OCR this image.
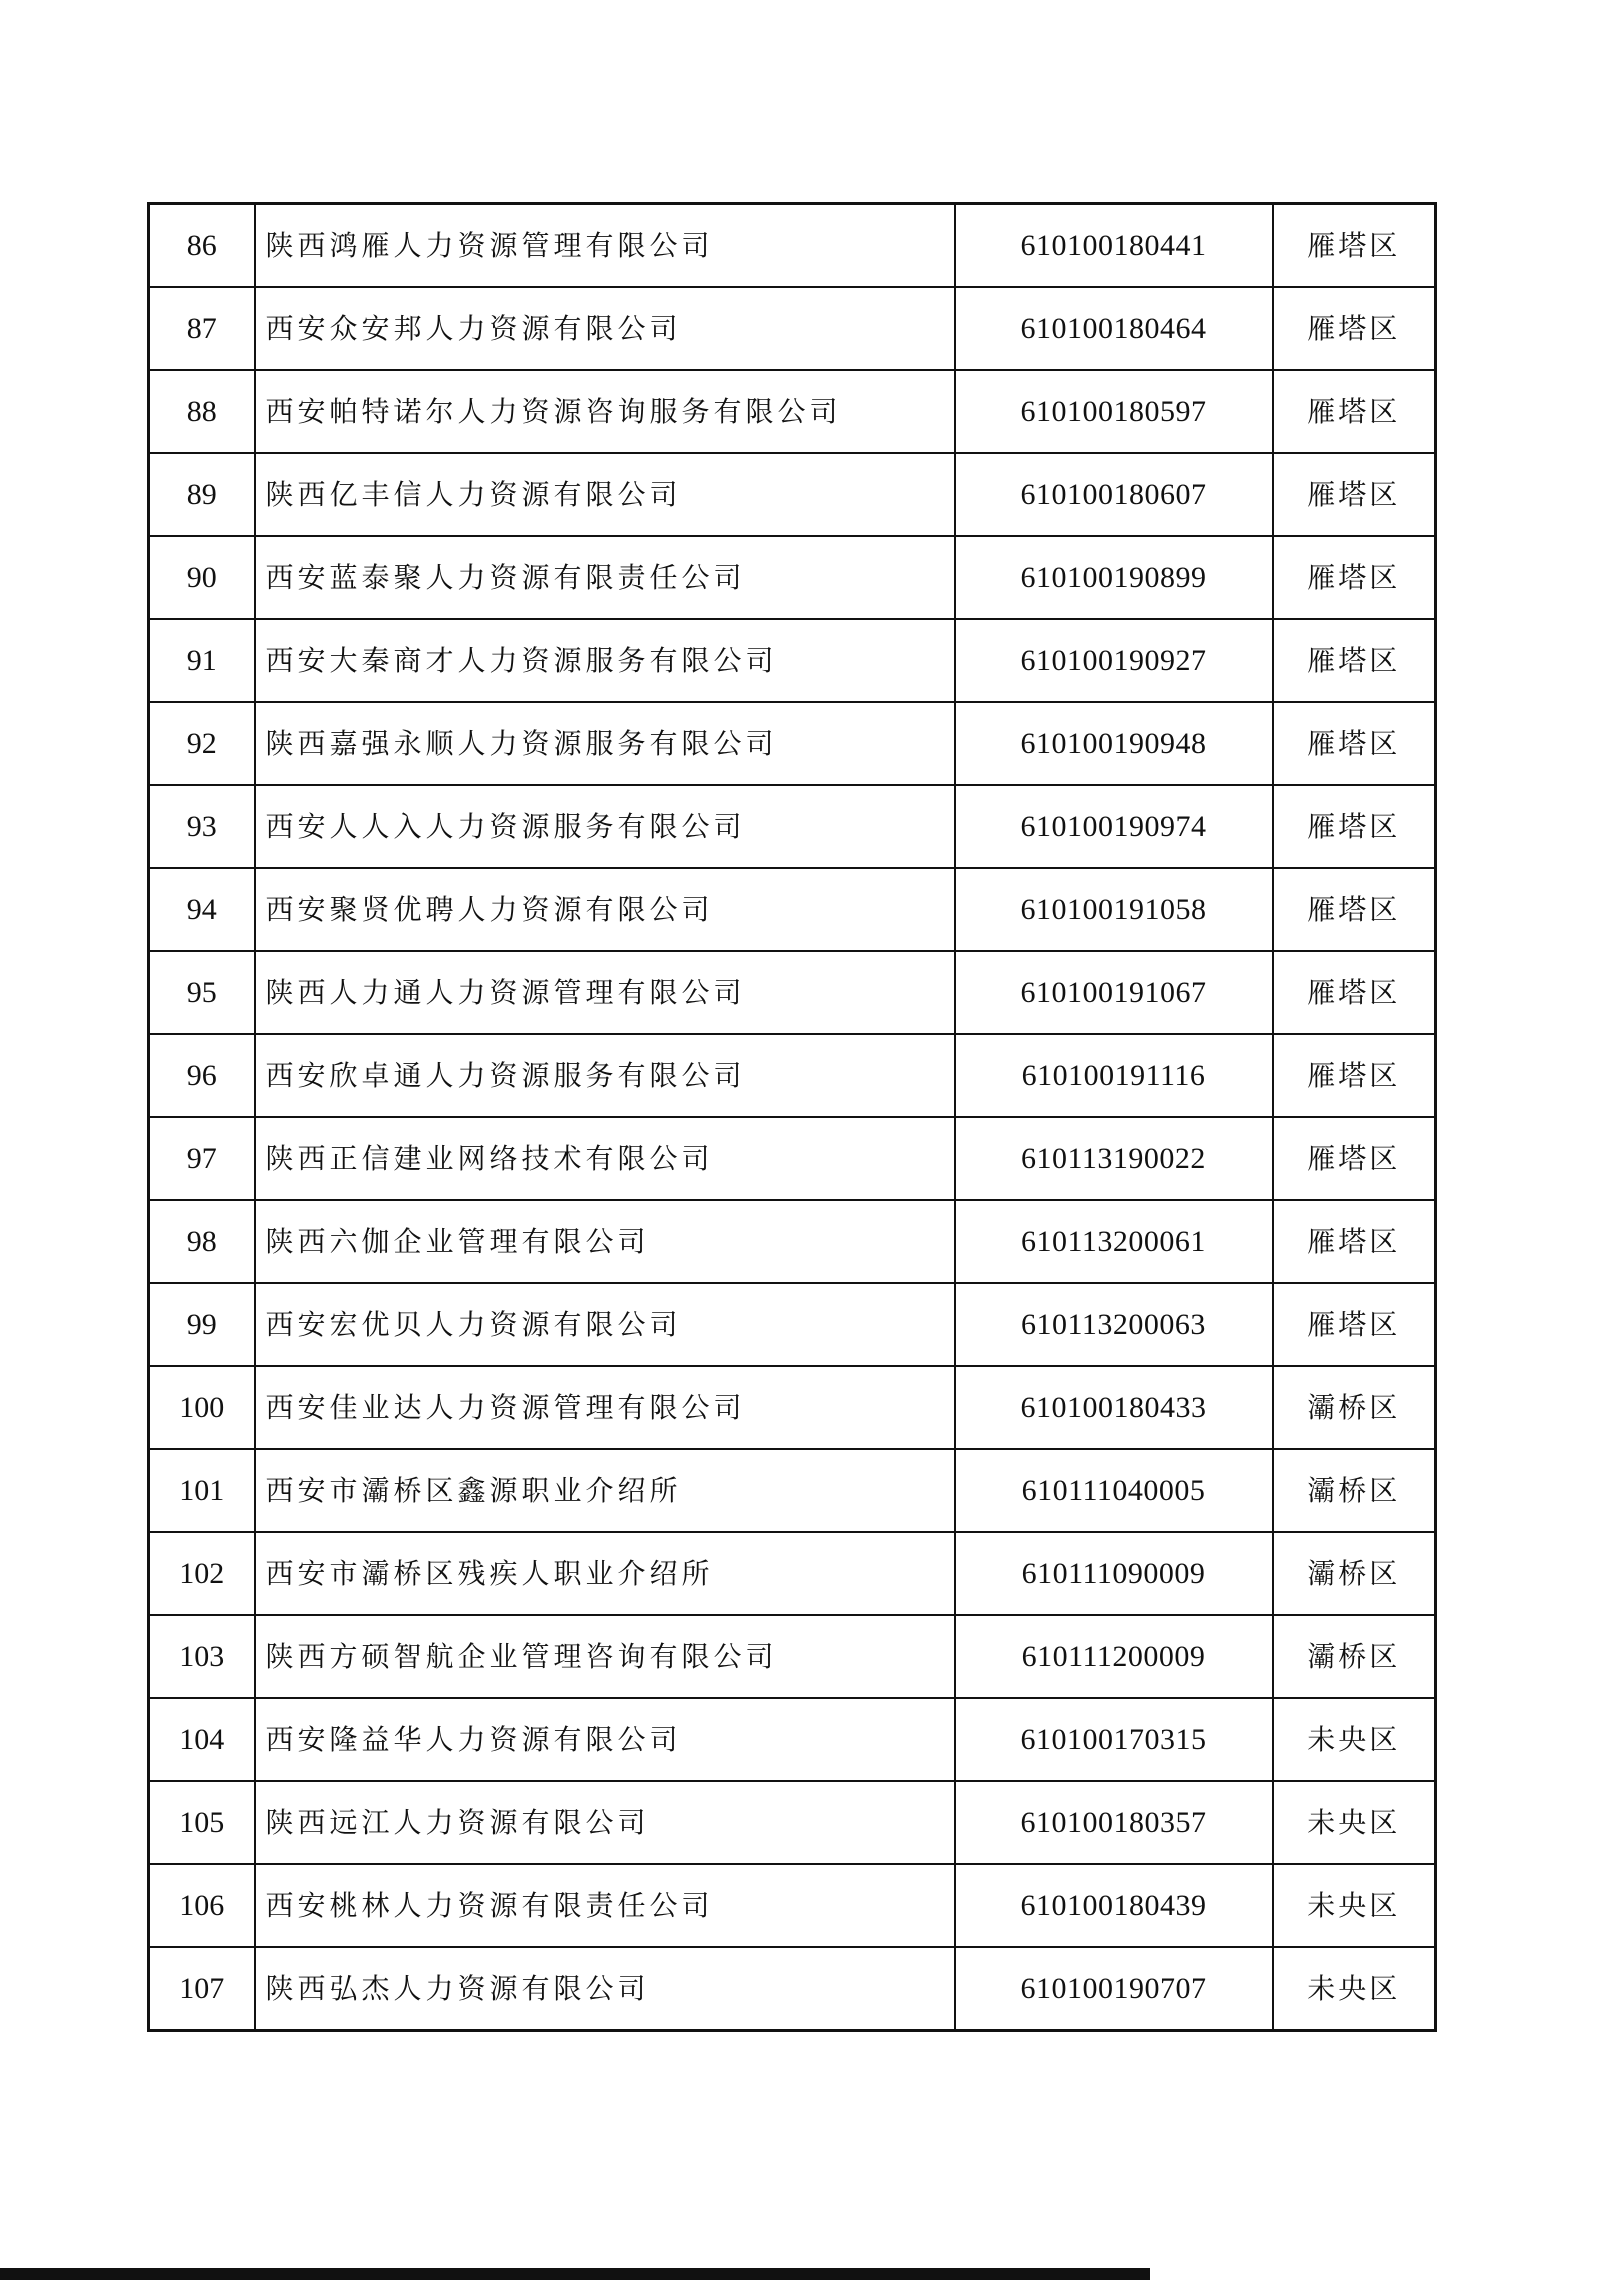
86	陕西鸿雁人力资源管理有限公司	610100180441	雁塔区
87	西安众安邦人力资源有限公司	610100180464	雁塔区
88	西安帕特诺尔人力资源咨询服务有限公司	610100180597	雁塔区
89	陕西亿丰信人力资源有限公司	610100180607	雁塔区
90	西安蓝泰聚人力资源有限责任公司	610100190899	雁塔区
91	西安大秦商才人力资源服务有限公司	610100190927	雁塔区
92	陕西嘉强永顺人力资源服务有限公司	610100190948	雁塔区
93	西安人人入人力资源服务有限公司	610100190974	雁塔区
94	西安聚贤优聘人力资源有限公司	610100191058	雁塔区
95	陕西人力通人力资源管理有限公司	610100191067	雁塔区
96	西安欣卓通人力资源服务有限公司	610100191116	雁塔区
97	陕西正信建业网络技术有限公司	610113190022	雁塔区
98	陕西六伽企业管理有限公司	610113200061	雁塔区
99	西安宏优贝人力资源有限公司	610113200063	雁塔区
100	西安佳业达人力资源管理有限公司	610100180433	灞桥区
101	西安市灞桥区鑫源职业介绍所	610111040005	灞桥区
102	西安市灞桥区残疾人职业介绍所	610111090009	灞桥区
103	陕西方硕智航企业管理咨询有限公司	610111200009	灞桥区
104	西安隆益华人力资源有限公司	610100170315	未央区
105	陕西远江人力资源有限公司	610100180357	未央区
106	西安桃林人力资源有限责任公司	610100180439	未央区
107	陕西弘杰人力资源有限公司	610100190707	未央区
